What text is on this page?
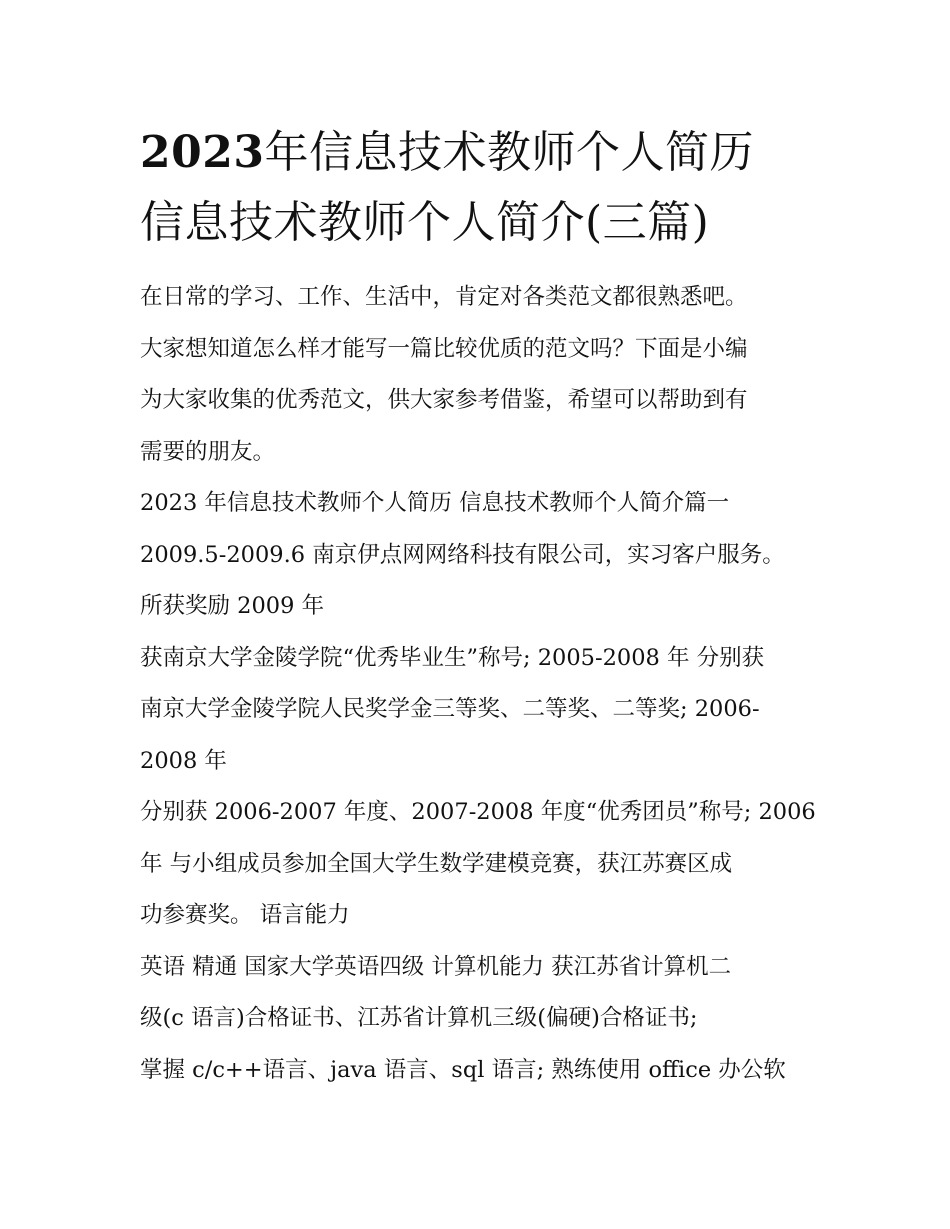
2023年信息技术教师个人简历
信息技术教师个人简介(三篇)
在日常的学习、工作、生活中，肯定对各类范文都很熟悉吧。
大家想知道怎么样才能写一篇比较优质的范文吗？下面是小编
为大家收集的优秀范文，供大家参考借鉴，希望可以帮助到有
需要的朋友。
2023 年信息技术教师个人简历 信息技术教师个人简介篇一
2009.5-2009.6 南京伊点网网络科技有限公司，实习客户服务。
所获奖励 2009 年
获南京大学金陵学院“优秀毕业生”称号; 2005-2008 年 分别获
南京大学金陵学院人民奖学金三等奖、二等奖、二等奖; 2006-
2008 年
分别获 2006-2007 年度、2007-2008 年度“优秀团员”称号; 2006
年 与小组成员参加全国大学生数学建模竞赛，获江苏赛区成
功参赛奖。 语言能力
英语 精通 国家大学英语四级 计算机能力 获江苏省计算机二
级(c 语言)合格证书、江苏省计算机三级(偏硬)合格证书;
掌握 c/c++语言、java 语言、sql 语言; 熟练使用 office 办公软
